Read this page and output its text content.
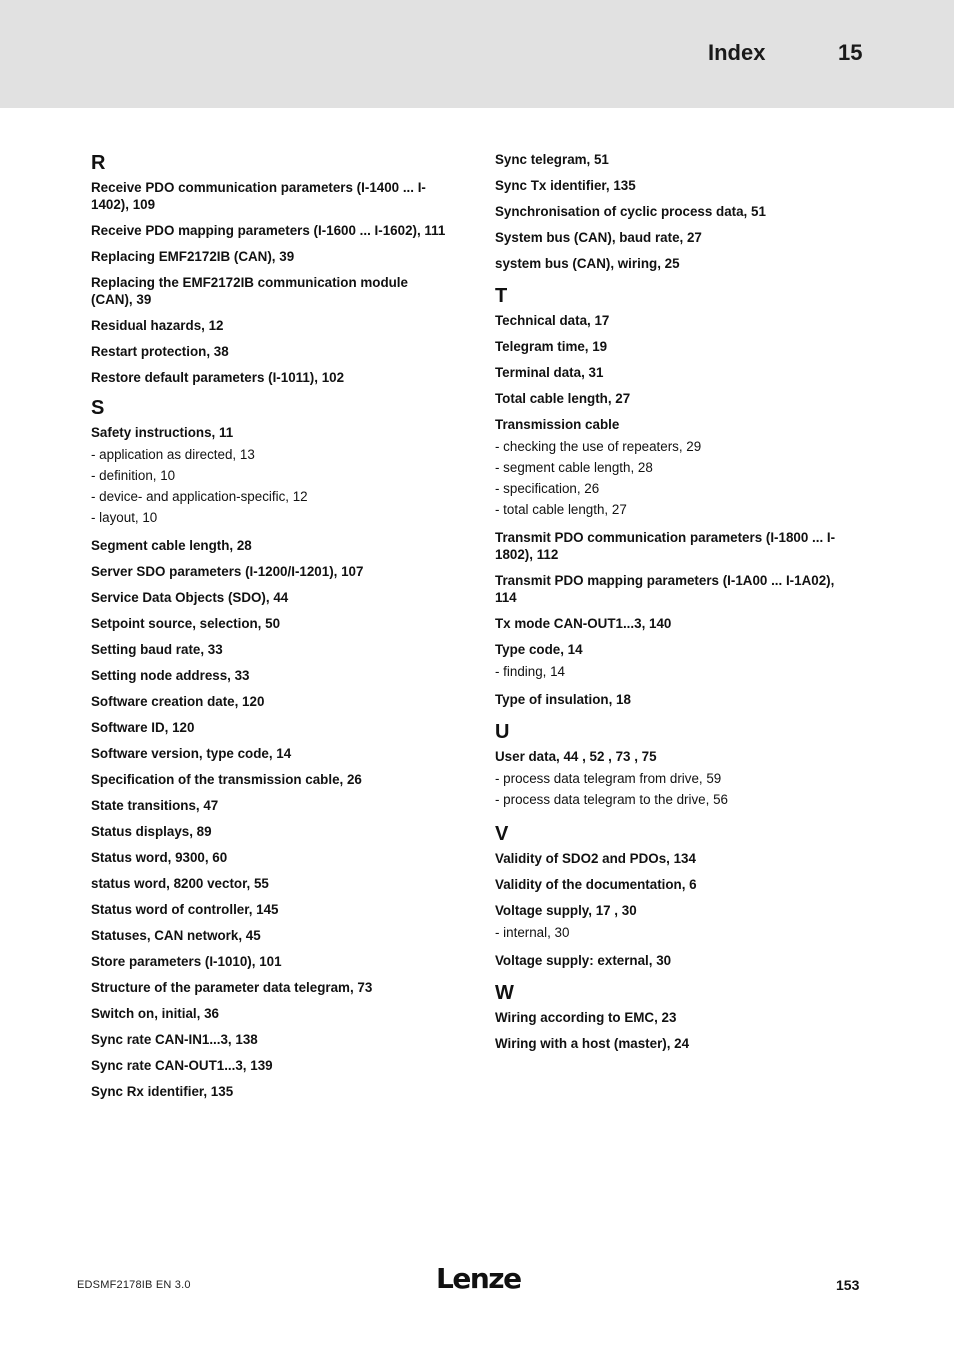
Index	15
R
Receive PDO communication parameters (I-1400 ... I-1402), 109
Receive PDO mapping parameters (I-1600 ... I-1602), 111
Replacing EMF2172IB (CAN), 39
Replacing the EMF2172IB communication module (CAN), 39
Residual hazards, 12
Restart protection, 38
Restore default parameters (I-1011), 102
S
Safety instructions, 11
- application as directed, 13
- definition, 10
- device- and application-specific, 12
- layout, 10
Segment cable length, 28
Server SDO parameters (I-1200/I-1201), 107
Service Data Objects (SDO), 44
Setpoint source, selection, 50
Setting baud rate, 33
Setting node address, 33
Software creation date, 120
Software ID, 120
Software version, type code, 14
Specification of the transmission cable, 26
State transitions, 47
Status displays, 89
Status word, 9300, 60
status word, 8200 vector, 55
Status word of controller, 145
Statuses, CAN network, 45
Store parameters (I-1010), 101
Structure of the parameter data telegram, 73
Switch on, initial, 36
Sync rate CAN-IN1...3, 138
Sync rate CAN-OUT1...3, 139
Sync Rx identifier, 135
Sync telegram, 51
Sync Tx identifier, 135
Synchronisation of cyclic process data, 51
System bus (CAN), baud rate, 27
system bus (CAN), wiring, 25
T
Technical data, 17
Telegram time, 19
Terminal data, 31
Total cable length, 27
Transmission cable
- checking the use of repeaters, 29
- segment cable length, 28
- specification, 26
- total cable length, 27
Transmit PDO communication parameters (I-1800 ... I-1802), 112
Transmit PDO mapping parameters (I-1A00 ... I-1A02), 114
Tx mode CAN-OUT1...3, 140
Type code, 14
- finding, 14
Type of insulation, 18
U
User data, 44 , 52 , 73 , 75
- process data telegram from drive, 59
- process data telegram to the drive, 56
V
Validity of SDO2 and PDOs, 134
Validity of the documentation, 6
Voltage supply, 17 , 30
- internal, 30
Voltage supply: external, 30
W
Wiring according to EMC, 23
Wiring with a host (master), 24
EDSMF2178IB EN 3.0	Lenze	153
